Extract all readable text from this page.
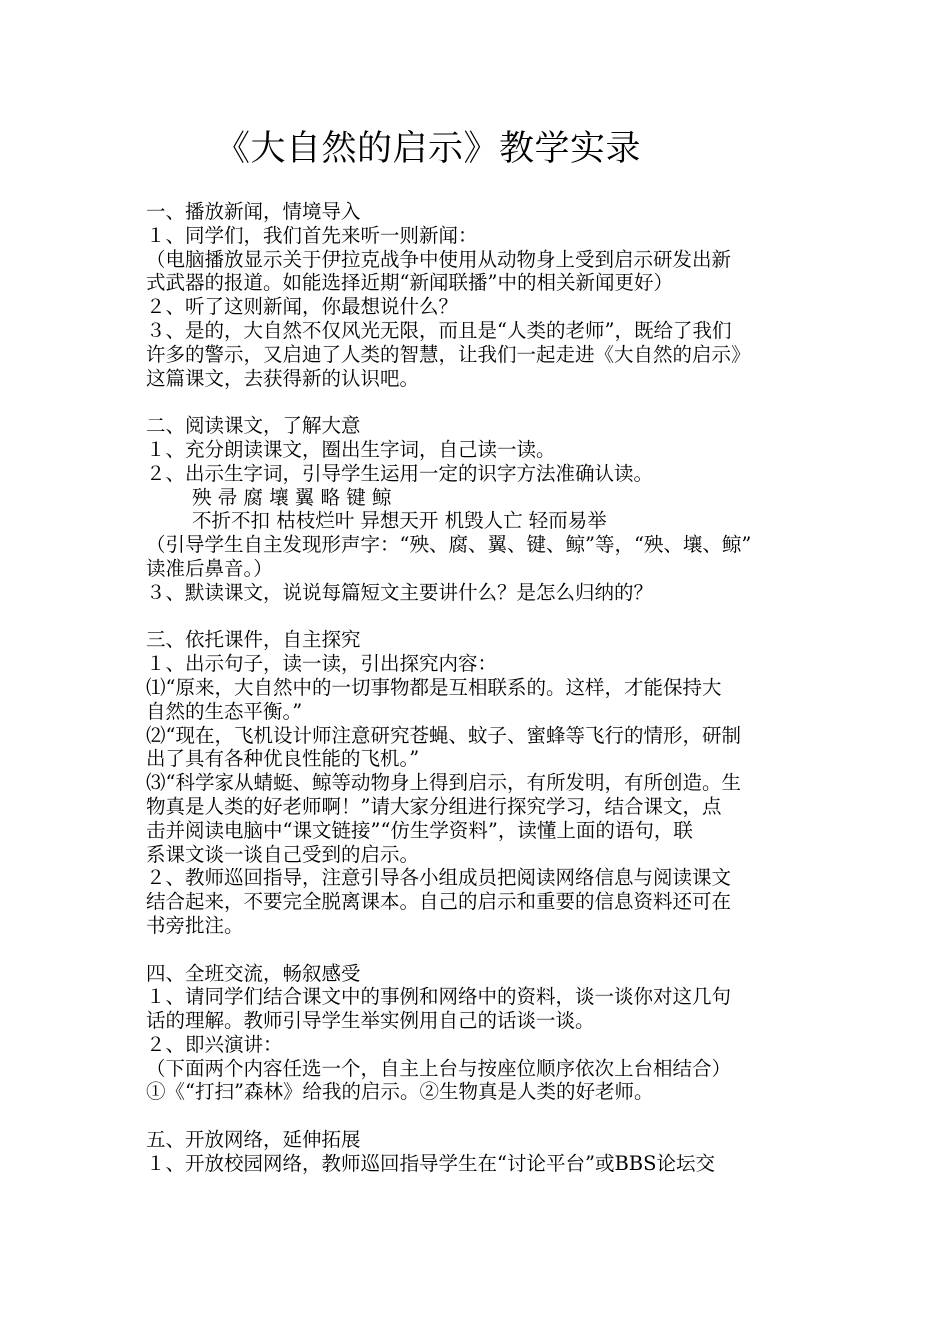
《大自然的启示》教学实录
一、播放新闻，情境导入
１、同学们，我们首先来听一则新闻：
（电脑播放显示关于伊拉克战争中使用从动物身上受到启示研发出新
式武器的报道。如能选择近期“新闻联播”中的相关新闻更好）
２、听了这则新闻，你最想说什么？
３、是的，大自然不仅风光无限，而且是“人类的老师”，既给了我们
许多的警示，又启迪了人类的智慧，让我们一起走进《大自然的启示》
这篇课文，去获得新的认识吧。
二、阅读课文，了解大意
１、充分朗读课文，圈出生字词，自己读一读。
２、出示生字词，引导学生运用一定的识字方法准确认读。
殃 帚 腐 壤 翼 略 键 鲸
不折不扣 枯枝烂叶 异想天开 机毁人亡 轻而易举
（引导学生自主发现形声字：“殃、腐、翼、键、鲸”等，“殃、壤、鲸”
读准后鼻音。）
３、默读课文，说说每篇短文主要讲什么？是怎么归纳的？
三、依托课件，自主探究
１、出示句子，读一读，引出探究内容：
⑴“原来，大自然中的一切事物都是互相联系的。这样，才能保持大
自然的生态平衡。”
⑵“现在，飞机设计师注意研究苍蝇、蚊子、蜜蜂等飞行的情形，研制
出了具有各种优良性能的飞机。”
⑶“科学家从蜻蜓、鲸等动物身上得到启示，有所发明，有所创造。生
物真是人类的好老师啊！”请大家分组进行探究学习，结合课文，点
击并阅读电脑中“课文链接”“仿生学资料”，读懂上面的语句，联
系课文谈一谈自己受到的启示。
２、教师巡回指导，注意引导各小组成员把阅读网络信息与阅读课文
结合起来，不要完全脱离课本。自己的启示和重要的信息资料还可在
书旁批注。
四、全班交流，畅叙感受
１、请同学们结合课文中的事例和网络中的资料，谈一谈你对这几句
话的理解。教师引导学生举实例用自己的话谈一谈。
２、即兴演讲：
（下面两个内容任选一个，自主上台与按座位顺序依次上台相结合）
①《“打扫”森林》给我的启示。②生物真是人类的好老师。
五、开放网络，延伸拓展
１、开放校园网络，教师巡回指导学生在“讨论平台”或BBS论坛交
